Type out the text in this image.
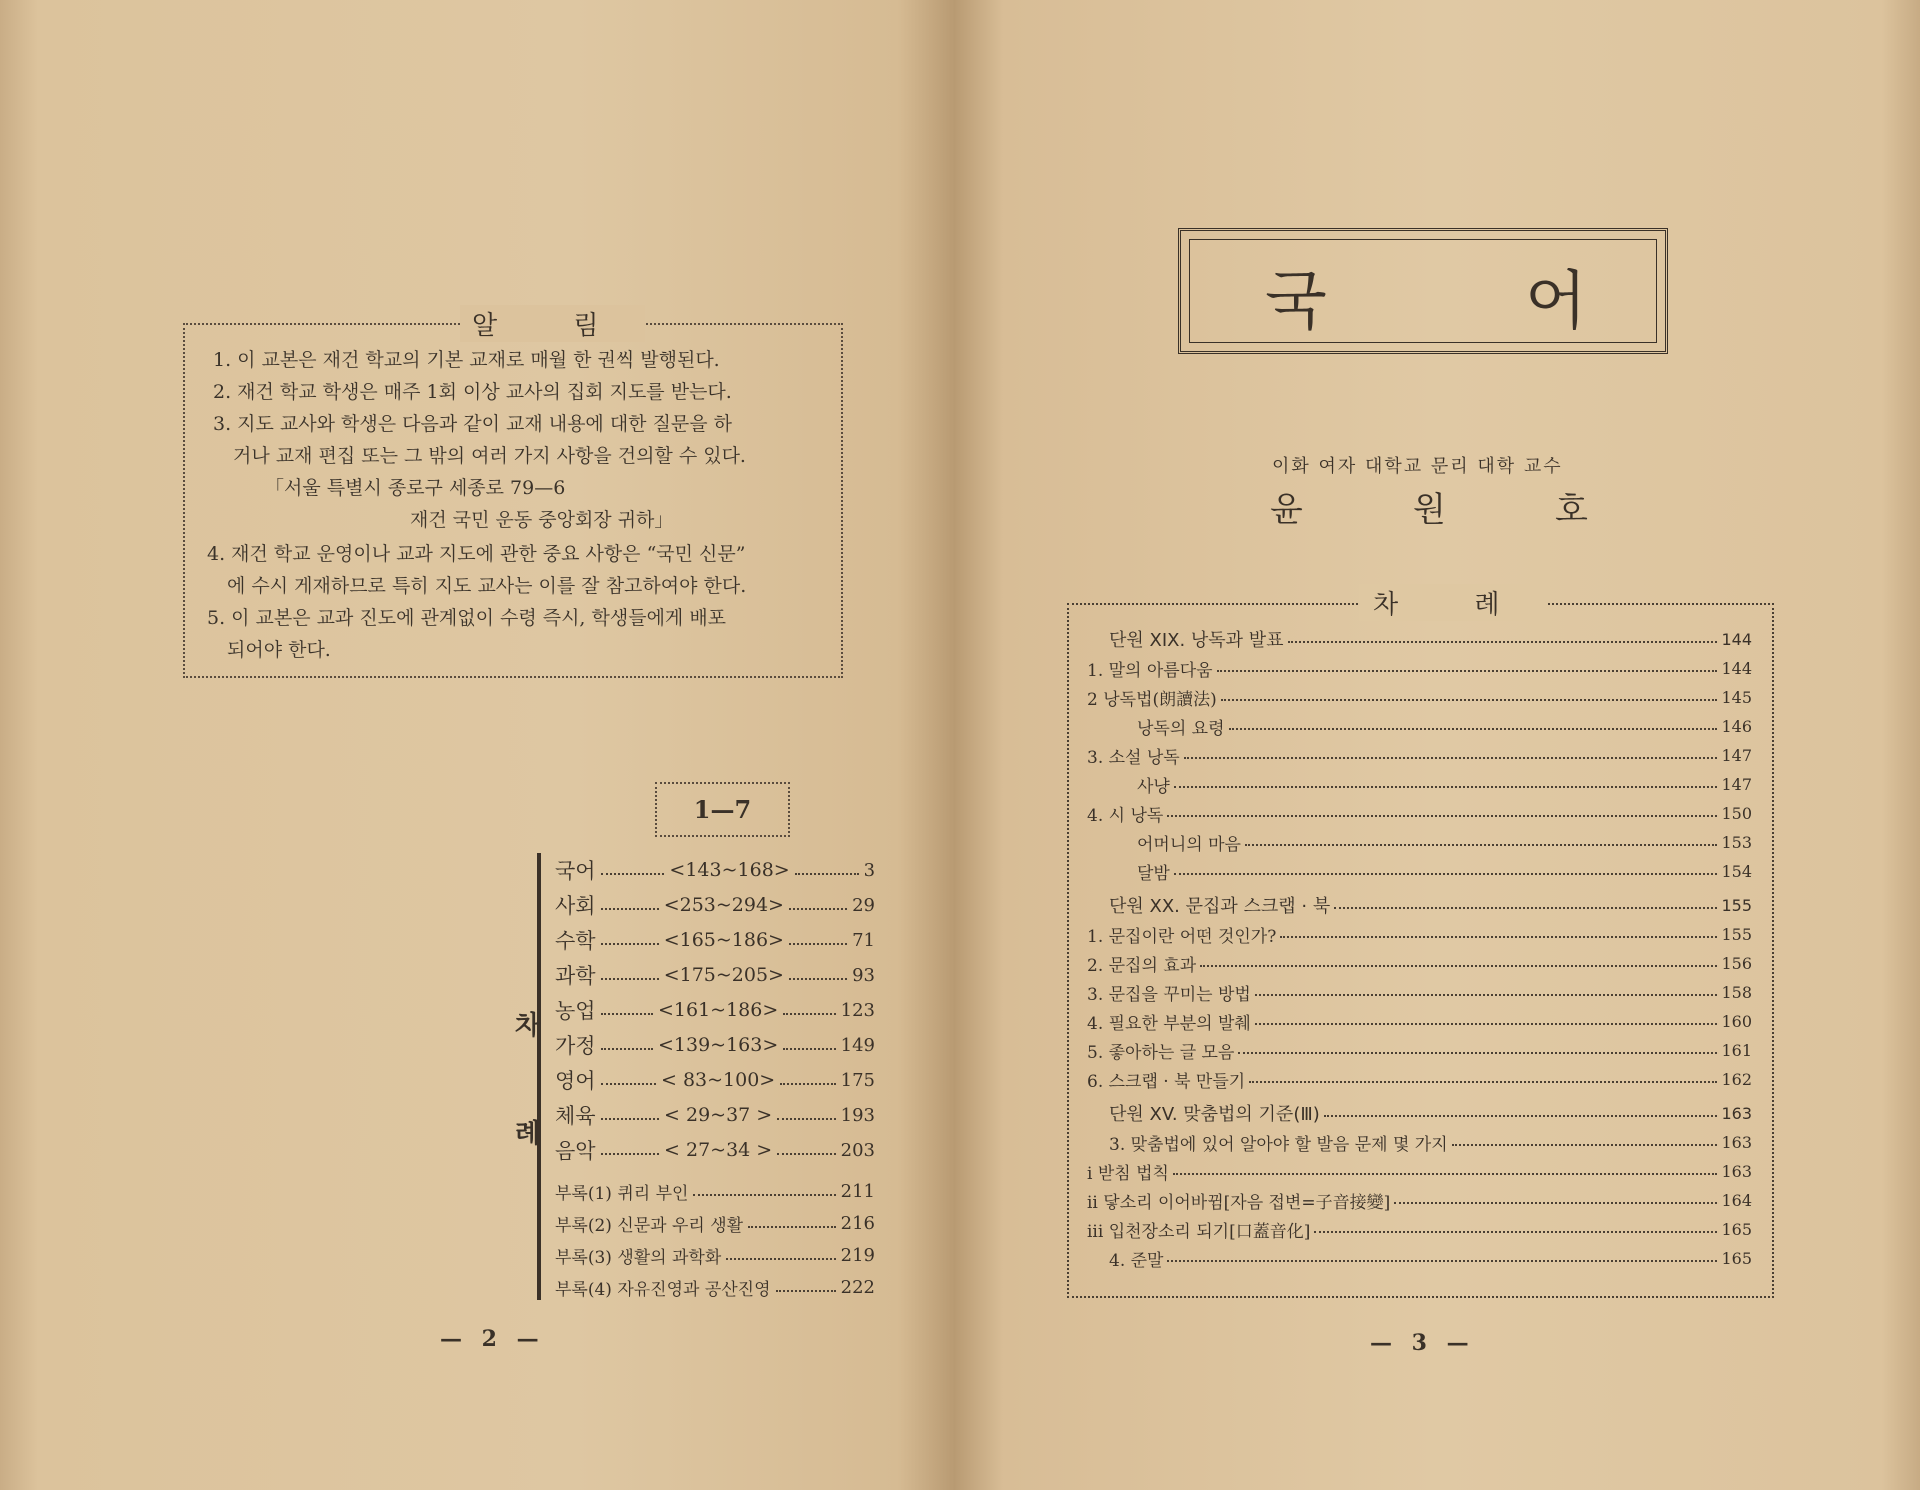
알 림
1. 이 교본은 재건 학교의 기본 교재로 매월 한 권씩 발행된다.
2. 재건 학교 학생은 매주 1회 이상 교사의 집회 지도를 받는다.
3. 지도 교사와 학생은 다음과 같이 교재 내용에 대한 질문을 하
거나 교재 편집 또는 그 밖의 여러 가지 사항을 건의할 수 있다.
「서울 특별시 종로구 세종로 79—6
재건 국민 운동 중앙회장 귀하」
4. 재건 학교 운영이나 교과 지도에 관한 중요 사항은 “국민 신문”
에 수시 게재하므로 특히 지도 교사는 이를 잘 참고하여야 한다.
5. 이 교본은 교과 진도에 관계없이 수령 즉시, 학생들에게 배포
되어야 한다.
1—7
차
례
국어	<143~168>	3
사회	<253~294>	29
수학	<165~186>	71
과학	<175~205>	93
농업	<161~186>	123
가정	<139~163>	149
영어	< 83~100>	175
체육	< 29~37 >	193
음악	< 27~34 >	203
부록(1) 퀴리 부인	211
부록(2) 신문과 우리 생활	216
부록(3) 생활의 과학화	219
부록(4) 자유진영과 공산진영	222
— 2 —
국	어
이화 여자 대학교 문리 대학 교수
윤	원	호
차 례
단원 XIX. 낭독과 발표	144
1. 말의 아름다움	144
2 낭독법(朗讀法)	145
낭독의 요령	146
3. 소설 낭독	147
사냥	147
4. 시 낭독	150
어머니의 마음	153
달밤	154
단원 XX. 문집과 스크랩 · 북	155
1. 문집이란 어떤 것인가?	155
2. 문집의 효과	156
3. 문집을 꾸미는 방법	158
4. 필요한 부분의 발췌	160
5. 좋아하는 글 모음	161
6. 스크랩 · 북 만들기	162
단원 XV. 맞춤법의 기준(Ⅲ)	163
3. 맞춤법에 있어 알아야 할 발음 문제 몇 가지	163
i 받침 법칙	163
ii 닿소리 이어바뀜[자음 접변=子音接變]	164
iii 입천장소리 되기[口蓋音化]	165
4. 준말	165
— 3 —
